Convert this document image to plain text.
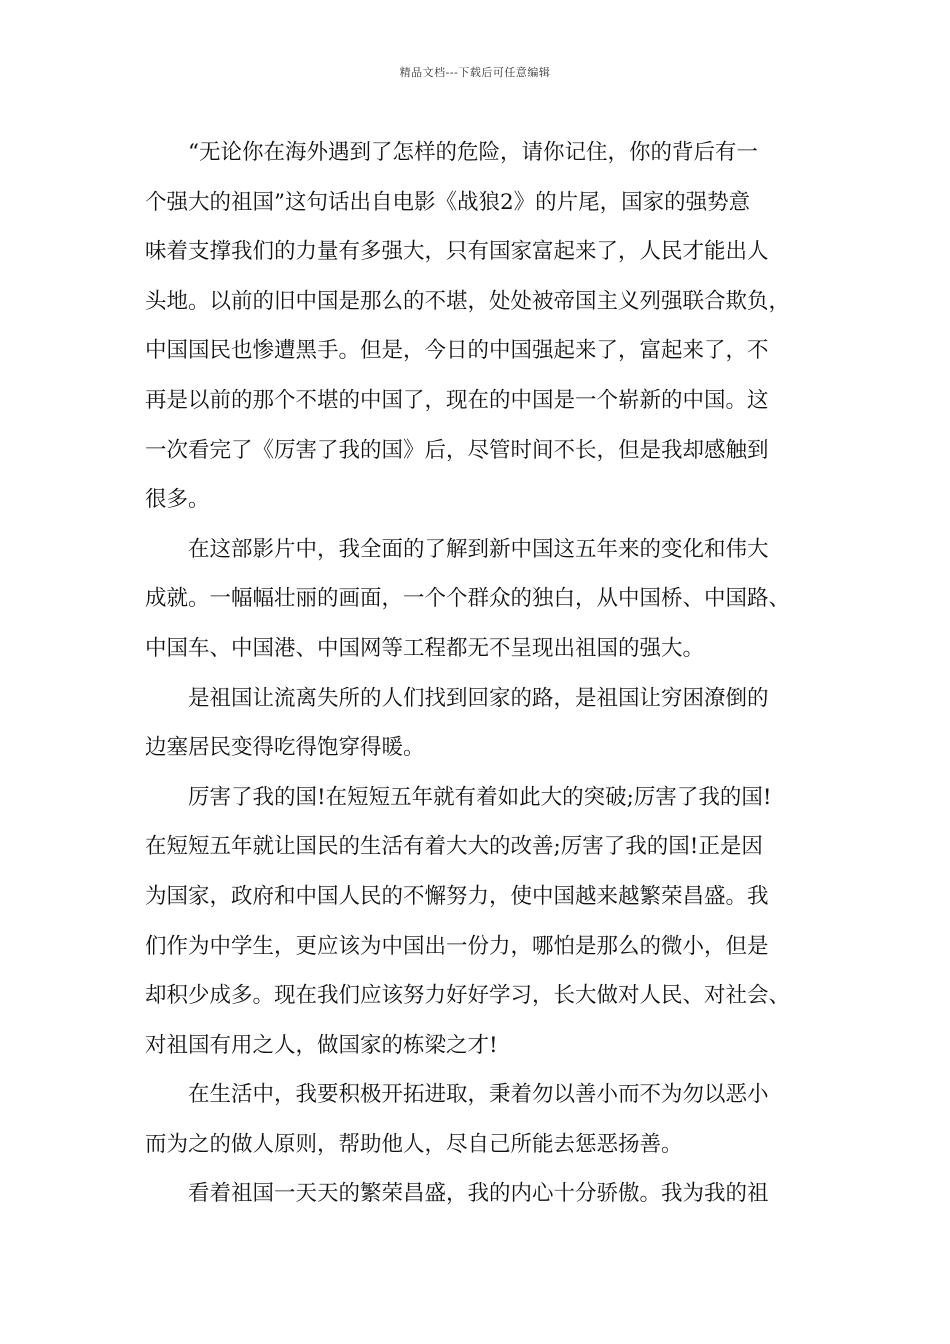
精品文档---下载后可任意编辑
“无论你在海外遇到了怎样的危险，请你记住，你的背后有一
个强大的祖国”这句话出自电影《战狼2》的片尾，国家的强势意
味着支撑我们的力量有多强大，只有国家富起来了，人民才能出人
头地。以前的旧中国是那么的不堪，处处被帝国主义列强联合欺负，
中国国民也惨遭黑手。但是，今日的中国强起来了，富起来了，不
再是以前的那个不堪的中国了，现在的中国是一个崭新的中国。这
一次看完了《厉害了我的国》后，尽管时间不长，但是我却感触到
很多。
在这部影片中，我全面的了解到新中国这五年来的变化和伟大
成就。一幅幅壮丽的画面，一个个群众的独白，从中国桥、中国路、
中国车、中国港、中国网等工程都无不呈现出祖国的强大。
是祖国让流离失所的人们找到回家的路，是祖国让穷困潦倒的
边塞居民变得吃得饱穿得暖。
厉害了我的国!在短短五年就有着如此大的突破;厉害了我的国!
在短短五年就让国民的生活有着大大的改善;厉害了我的国!正是因
为国家，政府和中国人民的不懈努力，使中国越来越繁荣昌盛。我
们作为中学生，更应该为中国出一份力，哪怕是那么的微小，但是
却积少成多。现在我们应该努力好好学习，长大做对人民、对社会、
对祖国有用之人，做国家的栋梁之才!
在生活中，我要积极开拓进取，秉着勿以善小而不为勿以恶小
而为之的做人原则，帮助他人，尽自己所能去惩恶扬善。
看着祖国一天天的繁荣昌盛，我的内心十分骄傲。我为我的祖
